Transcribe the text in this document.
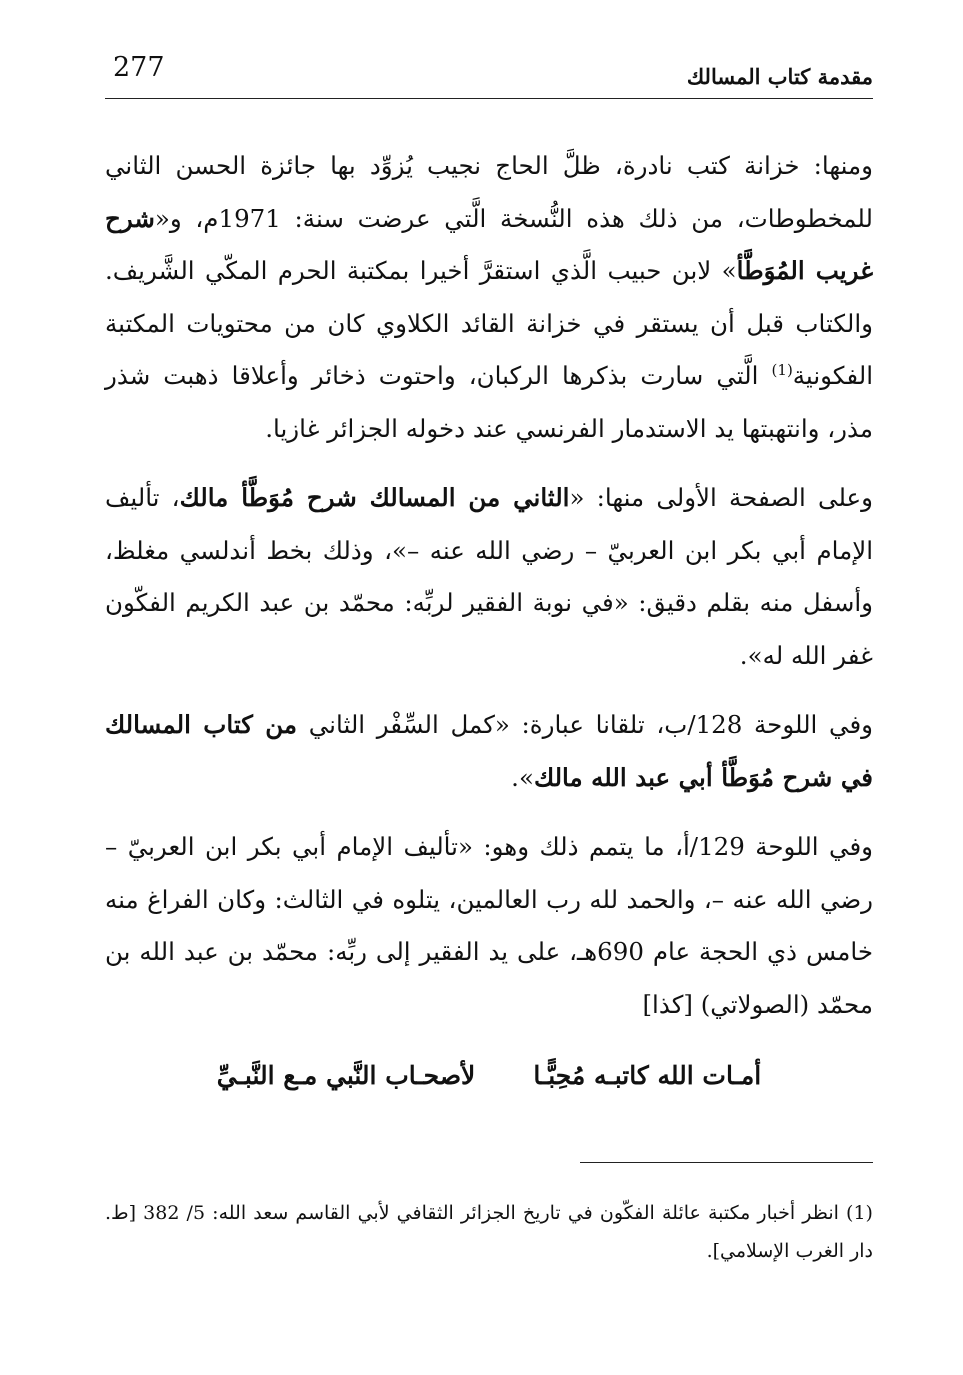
مقدمة كتاب المسالك
277

ومنها: خزانة كتب نادرة، ظلَّ الحاج نجيب يُزوِّد بها جائزة الحسن الثاني للمخطوطات، من ذلك هذه النُّسخة الَّتي عرضت سنة: 1971م، و«شرح غريب المُوَطَّأ» لابن حبيب الَّذي استقرَّ أخيرا بمكتبة الحرم المكّي الشَّريف. والكتاب قبل أن يستقر في خزانة القائد الكلاوي كان من محتويات المكتبة الفكونية$^{(1)}$ الَّتي سارت بذكرها الركبان، واحتوت ذخائر وأعلاقا ذهبت شذر مذر، وانتهبتها يد الاستدمار الفرنسي عند دخوله الجزائر غازيا.

وعلى الصفحة الأولى منها: «الثاني من المسالك شرح مُوَطَّأ مالك، تأليف الإمام أبي بكر ابن العربيّ – رضي الله عنه –»، وذلك بخط أندلسي مغلظ، وأسفل منه بقلم دقيق: «في نوبة الفقير لربِّه: محمّد بن عبد الكريم الفكّون غفر الله له».

وفي اللوحة 128/ب، تلقانا عبارة: «كمل السِّفْر الثاني من كتاب المسالك في شرح مُوَطَّأ أبي عبد الله مالك».

وفي اللوحة 129/أ، ما يتمم ذلك وهو: «تأليف الإمام أبي بكر ابن العربيّ – رضي الله عنه –، والحمد لله رب العالمين، يتلوه في الثالث: وكان الفراغ منه خامس ذي الحجة عام 690هـ، على يد الفقير إلى ربِّه: محمّد بن عبد الله بن محمّد (الصولاتي) [كذا]

أمـات الله كاتبـه مُحِبًّـا
لأصحـاب النَّبي مـع النَّبـيِّ

(1) انظر أخبار مكتبة عائلة الفكّون في تاريخ الجزائر الثقافي لأبي القاسم سعد الله: 5/ 382 [ط. دار الغرب الإسلامي].
